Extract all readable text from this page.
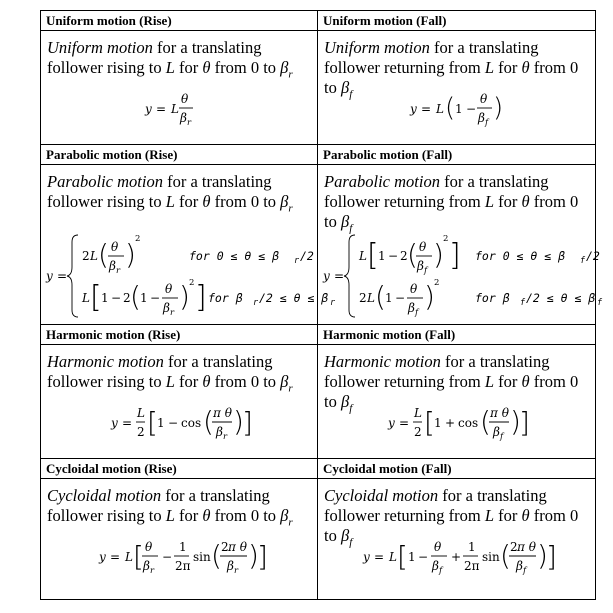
Uniform motion (Rise)
Uniform motion for a translating follower rising to L for θ from 0 to $\beta_r$
y = L
θ
β r
Uniform motion (Fall)
Uniform motion for a translating follower returning from L for θ from 0 to $\beta_f$
y = L ( 1 −
θ
β f )
Parabolic motion (Rise)
Parabolic motion for a translating follower rising to L for θ from 0 to $\beta_r$
y =
2 L ( θ
β r ) 2
for 0 ≤ θ ≤ β r /2
L [ 1 − 2 ( 1 −
θ
β r ) 2 ] for β r /2 ≤ θ ≤ β r
Parabolic motion (Fall)
Parabolic motion for a translating follower returning from L for θ from 0 to $\beta_f$
y =
L [ 1 − 2 ( θ
β f ) 2 ] for 0 ≤ θ ≤ β f /2
2 L ( 1 −
θ
β f ) 2
for β f /2 ≤ θ ≤ β f
Harmonic motion (Rise)
Harmonic motion for a translating follower rising to L for θ from 0 to $\beta_r$
y =
L
2 [ 1 − cos ( π θ
β r )
]
Harmonic motion (Fall)
Harmonic motion for a translating follower returning from L for θ from 0 to $\beta_f$
y =
L
2 [ 1 + cos ( π θ
β f )
]
Cycloidal motion (Rise)
Cycloidal motion for a translating follower rising to L for θ from 0 to $\beta_r$
y = L [ θ
β r
−
1
2π
sin ( 2 π θ
β r )
]
Cycloidal motion (Fall)
Cycloidal motion for a translating follower returning from L for θ from 0 to $\beta_f$
y = L [ 1 −
θ
β f
+
1
2π
sin ( 2 π θ
β f )
]
